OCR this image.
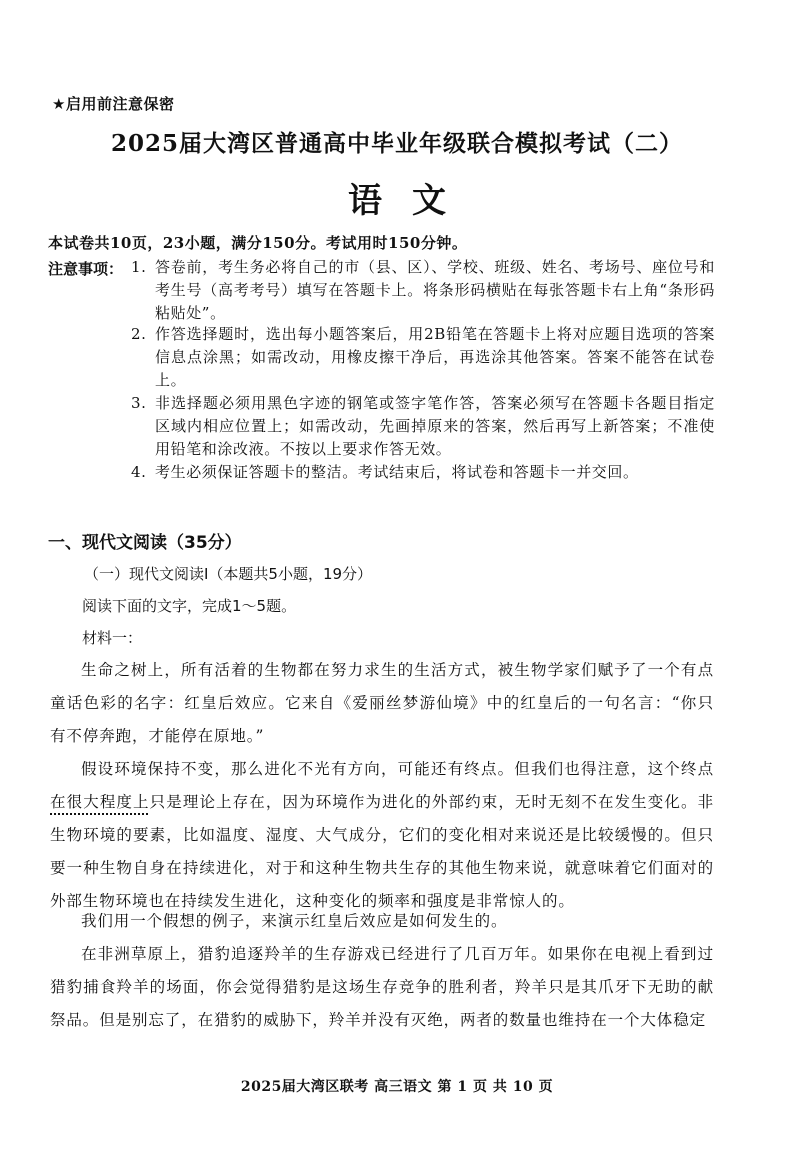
★启用前注意保密
2025届大湾区普通高中毕业年级联合模拟考试（二）
语文
本试卷共10页，23小题，满分150分。考试用时150分钟。
注意事项： 1. 答卷前，考生务必将自己的市（县、区）、学校、班级、姓名、考场号、座位号和考生号（高考考号）填写在答题卡上。将条形码横贴在每张答题卡右上角“条形码粘贴处”。
2. 作答选择题时，选出每小题答案后，用2B铅笔在答题卡上将对应题目选项的答案信息点涂黑；如需改动，用橡皮擦干净后，再选涂其他答案。答案不能答在试卷上。
3. 非选择题必须用黑色字迹的钢笔或签字笔作答，答案必须写在答题卡各题目指定区域内相应位置上；如需改动，先画掉原来的答案，然后再写上新答案；不准使用铅笔和涂改液。不按以上要求作答无效。
4. 考生必须保证答题卡的整洁。考试结束后，将试卷和答题卡一并交回。
一、现代文阅读（35分）
（一）现代文阅读Ⅰ（本题共5小题，19分）
阅读下面的文字，完成1～5题。
材料一：

生命之树上，所有活着的生物都在努力求生的生活方式，被生物学家们赋予了一个有点童话色彩的名字：红皇后效应。它来自《爱丽丝梦游仙境》中的红皇后的一句名言：“你只有不停奔跑，才能停在原地。”

假设环境保持不变，那么进化不光有方向，可能还有终点。但我们也得注意，这个终点在很大程度上只是理论上存在，因为环境作为进化的外部约束，无时无刻不在发生变化。非生物环境的要素，比如温度、湿度、大气成分，它们的变化相对来说还是比较缓慢的。但只要一种生物自身在持续进化，对于和这种生物共生存的其他生物来说，就意味着它们面对的外部生物环境也在持续发生进化，这种变化的频率和强度是非常惊人的。

我们用一个假想的例子，来演示红皇后效应是如何发生的。

在非洲草原上，猎豹追逐羚羊的生存游戏已经进行了几百万年。如果你在电视上看到过猎豹捕食羚羊的场面，你会觉得猎豹是这场生存竞争的胜利者，羚羊只是其爪牙下无助的献祭品。但是别忘了，在猎豹的威胁下，羚羊并没有灭绝，两者的数量也维持在一个大体稳定

2025届大湾区联考 高三语文 第 1 页 共 10 页
